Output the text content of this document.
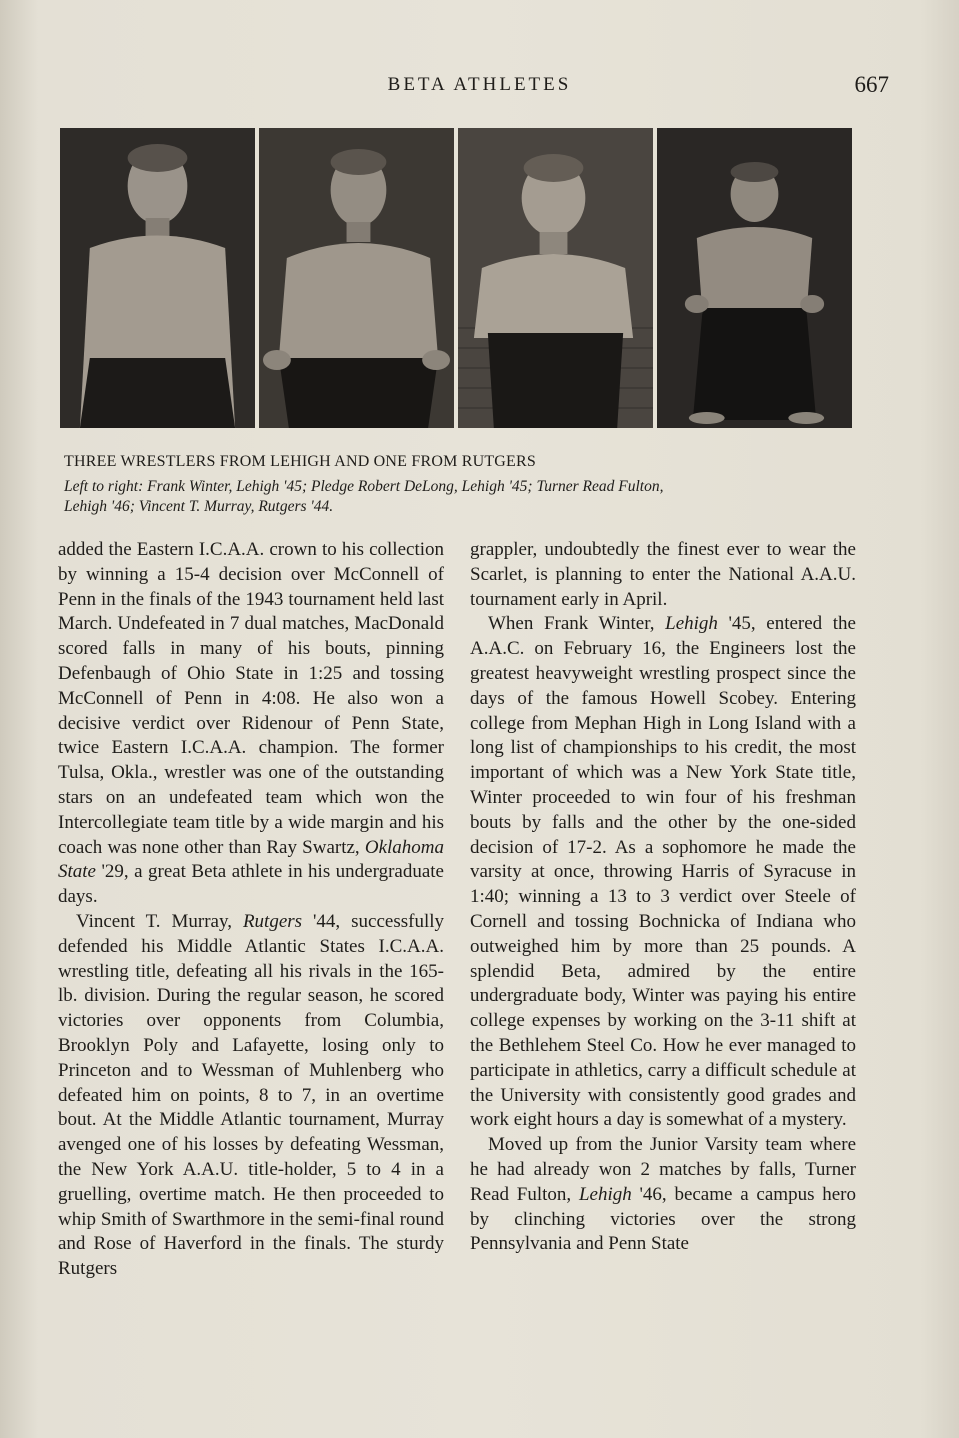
BETA ATHLETES	667

THREE WRESTLERS FROM LEHIGH AND ONE FROM RUTGERS

Left to right: Frank Winter, Lehigh '45; Pledge Robert DeLong, Lehigh '45; Turner Read Fulton,
Lehigh '46; Vincent T. Murray, Rutgers '44.

added the Eastern I.C.A.A. crown to his collection by winning a 15-4 decision over McConnell of Penn in the finals of the 1943 tournament held last March. Undefeated in 7 dual matches, MacDonald scored falls in many of his bouts, pinning Defenbaugh of Ohio State in 1:25 and tossing McConnell of Penn in 4:08. He also won a decisive verdict over Ridenour of Penn State, twice Eastern I.C.A.A. champion. The former Tulsa, Okla., wrestler was one of the outstanding stars on an undefeated team which won the Intercollegiate team title by a wide margin and his coach was none other than Ray Swartz, Oklahoma State '29, a great Beta athlete in his undergraduate days.

Vincent T. Murray, Rutgers '44, successfully defended his Middle Atlantic States I.C.A.A. wrestling title, defeating all his rivals in the 165-lb. division. During the regular season, he scored victories over opponents from Columbia, Brooklyn Poly and Lafayette, losing only to Princeton and to Wessman of Muhlenberg who defeated him on points, 8 to 7, in an overtime bout. At the Middle Atlantic tournament, Murray avenged one of his losses by defeating Wessman, the New York A.A.U. title-holder, 5 to 4 in a gruelling, overtime match. He then proceeded to whip Smith of Swarthmore in the semi-final round and Rose of Haverford in the finals. The sturdy Rutgers

grappler, undoubtedly the finest ever to wear the Scarlet, is planning to enter the National A.A.U. tournament early in April.

When Frank Winter, Lehigh '45, entered the A.A.C. on February 16, the Engineers lost the greatest heavyweight wrestling prospect since the days of the famous Howell Scobey. Entering college from Mephan High in Long Island with a long list of championships to his credit, the most important of which was a New York State title, Winter proceeded to win four of his freshman bouts by falls and the other by the one-sided decision of 17-2. As a sophomore he made the varsity at once, throwing Harris of Syracuse in 1:40; winning a 13 to 3 verdict over Steele of Cornell and tossing Bochnicka of Indiana who outweighed him by more than 25 pounds. A splendid Beta, admired by the entire undergraduate body, Winter was paying his entire college expenses by working on the 3-11 shift at the Bethlehem Steel Co. How he ever managed to participate in athletics, carry a difficult schedule at the University with consistently good grades and work eight hours a day is somewhat of a mystery.

Moved up from the Junior Varsity team where he had already won 2 matches by falls, Turner Read Fulton, Lehigh '46, became a campus hero by clinching victories over the strong Pennsylvania and Penn State
